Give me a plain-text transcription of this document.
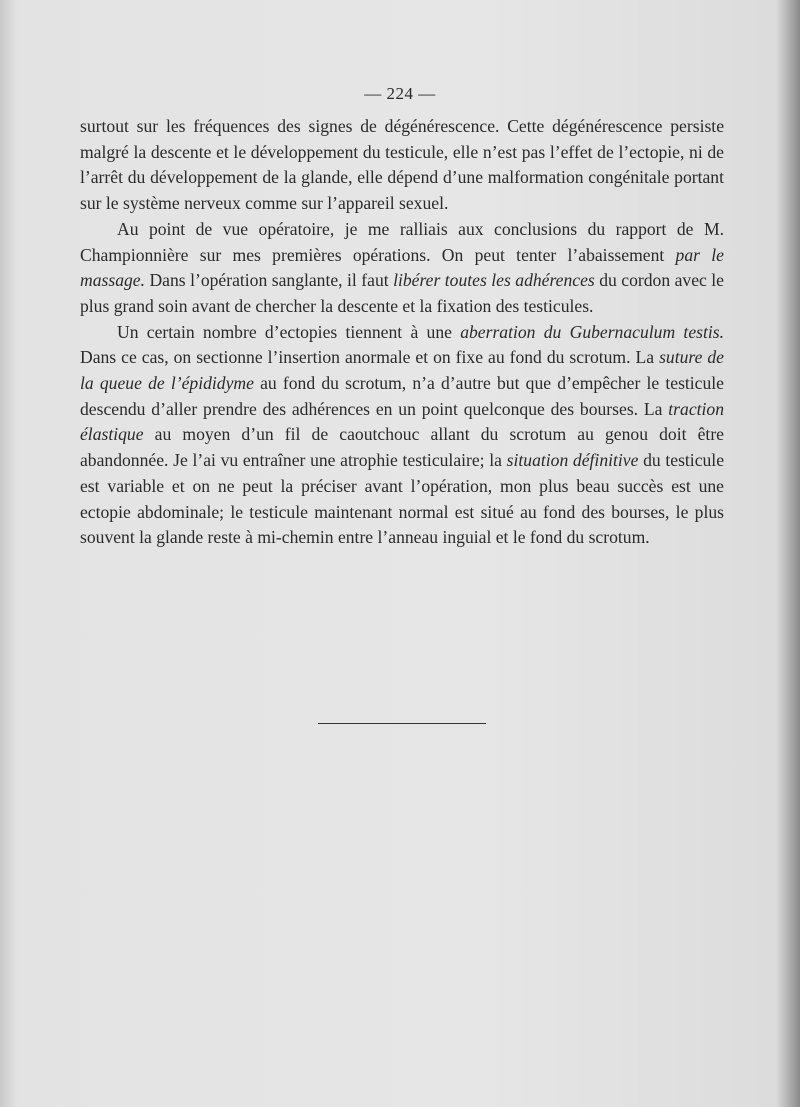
— 224 —

surtout sur les fréquences des signes de dégénérescence. Cette dégénérescence persiste malgré la descente et le développement du testicule, elle n’est pas l’effet de l’ectopie, ni de l’arrêt du développement de la glande, elle dépend d’une malformation congénitale portant sur le système nerveux comme sur l’appareil sexuel.

Au point de vue opératoire, je me ralliais aux conclusions du rapport de M. Championnière sur mes premières opérations. On peut tenter l’abaissement par le massage. Dans l’opération sanglante, il faut libérer toutes les adhérences du cordon avec le plus grand soin avant de chercher la descente et la fixation des testicules.

Un certain nombre d’ectopies tiennent à une aberration du Gubernaculum testis. Dans ce cas, on sectionne l’insertion anormale et on fixe au fond du scrotum. La suture de la queue de l’épididyme au fond du scrotum, n’a d’autre but que d’empêcher le testicule descendu d’aller prendre des adhérences en un point quelconque des bourses. La traction élastique au moyen d’un fil de caoutchouc allant du scrotum au genou doit être abandonnée. Je l’ai vu entraîner une atrophie testiculaire; la situation définitive du testicule est variable et on ne peut la préciser avant l’opération, mon plus beau succès est une ectopie abdominale; le testicule maintenant normal est situé au fond des bourses, le plus souvent la glande reste à mi-chemin entre l’anneau inguial et le fond du scrotum.
